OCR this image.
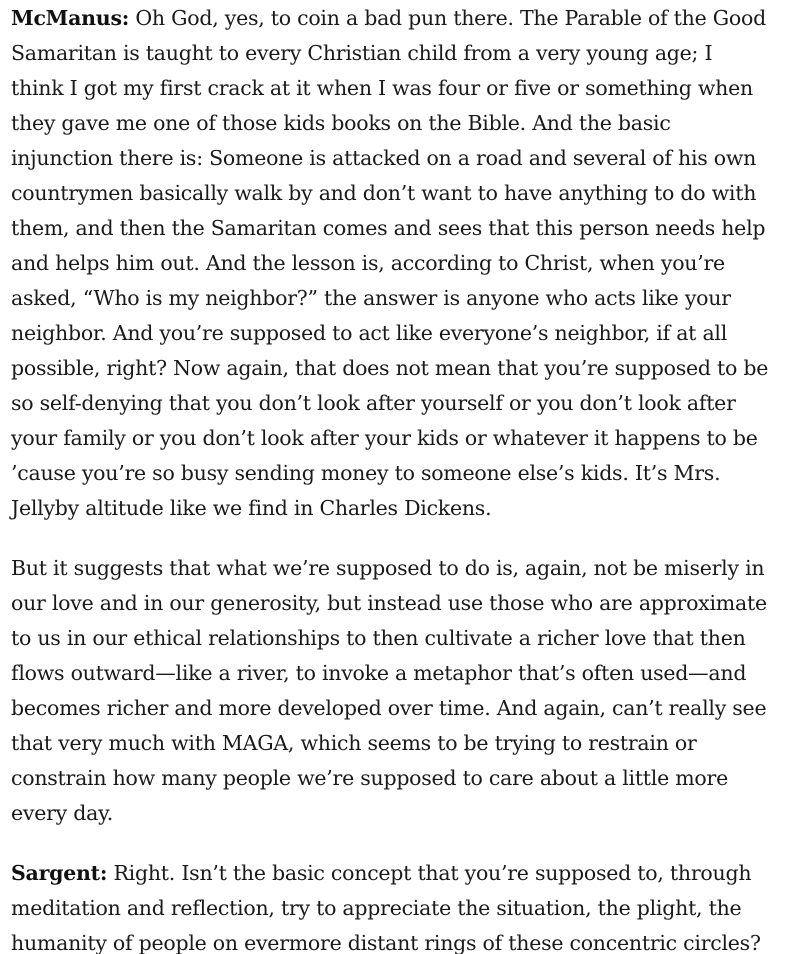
McManus: Oh God, yes, to coin a bad pun there. The Parable of the Good
Samaritan is taught to every Christian child from a very young age; I
think I got my first crack at it when I was four or five or something when
they gave me one of those kids books on the Bible. And the basic
injunction there is: Someone is attacked on a road and several of his own
countrymen basically walk by and don’t want to have anything to do with
them, and then the Samaritan comes and sees that this person needs help
and helps him out. And the lesson is, according to Christ, when you’re
asked, “Who is my neighbor?” the answer is anyone who acts like your
neighbor. And you’re supposed to act like everyone’s neighbor, if at all
possible, right? Now again, that does not mean that you’re supposed to be
so self-denying that you don’t look after yourself or you don’t look after
your family or you don’t look after your kids or whatever it happens to be
’cause you’re so busy sending money to someone else’s kids. It’s Mrs.
Jellyby altitude like we find in Charles Dickens.

But it suggests that what we’re supposed to do is, again, not be miserly in
our love and in our generosity, but instead use those who are approximate
to us in our ethical relationships to then cultivate a richer love that then
flows outward—like a river, to invoke a metaphor that’s often used—and
becomes richer and more developed over time. And again, can’t really see
that very much with MAGA, which seems to be trying to restrain or
constrain how many people we’re supposed to care about a little more
every day.

Sargent: Right. Isn’t the basic concept that you’re supposed to, through
meditation and reflection, try to appreciate the situation, the plight, the
humanity of people on evermore distant rings of these concentric circles?
